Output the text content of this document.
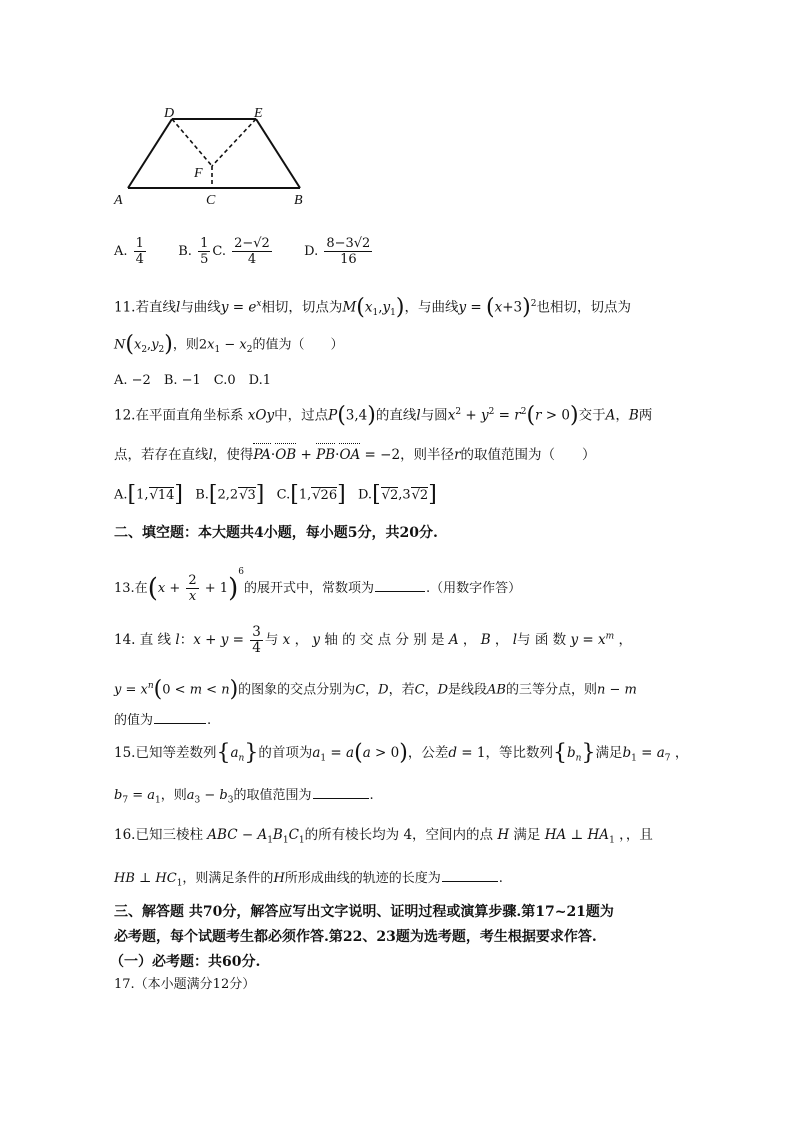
D	E
F
A	C	B
A. $\frac{1}{4} B$. $\frac{1}{5} C$. $\frac{2-√2}{4} D$. $\frac{8-3√2}{16}$
11.若直线l与曲线$y = e^x$相切，切点为$M(x_1,y_1)$，与曲线$y = (x+3)^2$也相切，切点为
$N(x_2,y_2)$，则$2x_1 - x_2$的值为（　　）
A. −2　B. −1　C.0　D.1
12.在平面直角坐标系 xOy中，过点P(3,4)的直线l与圆$x^2 + y^2 = r^2(r > 0)$交于A，B两
点，若存在直线l，使得PA·OB + PB·OA = −2，则半径r的取值范围为（　　）
A.[1,√14] B.[2,2√3] C.[1,√26] D.[√2,3√2]
二、填空题：本大题共4小题，每小题5分，共20分.
13.在$(x + \frac{2}{x} + 1)^6$的展开式中，常数项为	.（用数字作答）
14. 直 线 l：$x + y = \frac{3}{4}$ 与 x ， y 轴 的 交 点 分 别 是 A ， B ， l与 函 数 $y = x^m$ ，
$y = x^n(0 < m < n)$的图象的交点分别为C，D，若C，D是线段AB的三等分点，则n − m
的值为	.
15.已知等差数列$\{a_n\}$的首项为$a_1 = a(a > 0)$，公差d = 1，等比数列$\{b_n\}$满足$b_1 = a_7$ ，
$b_7 = a_1$，则$a_3 - b_3$的取值范围为	.
16.已知三棱柱 ABC − $A_1B_1C_1$的所有棱长均为 4，空间内的点 H 满足 HA ⊥ $HA_1$ ，，且
HB ⊥ $HC_1$，则满足条件的H所形成曲线的轨迹的长度为	.
三、解答题 共70分，解答应写出文字说明、证明过程或演算步骤.第17~21题为
必考题，每个试题考生都必须作答.第22、23题为选考题，考生根据要求作答.
（一）必考题：共60分.
17.（本小题满分12分）
